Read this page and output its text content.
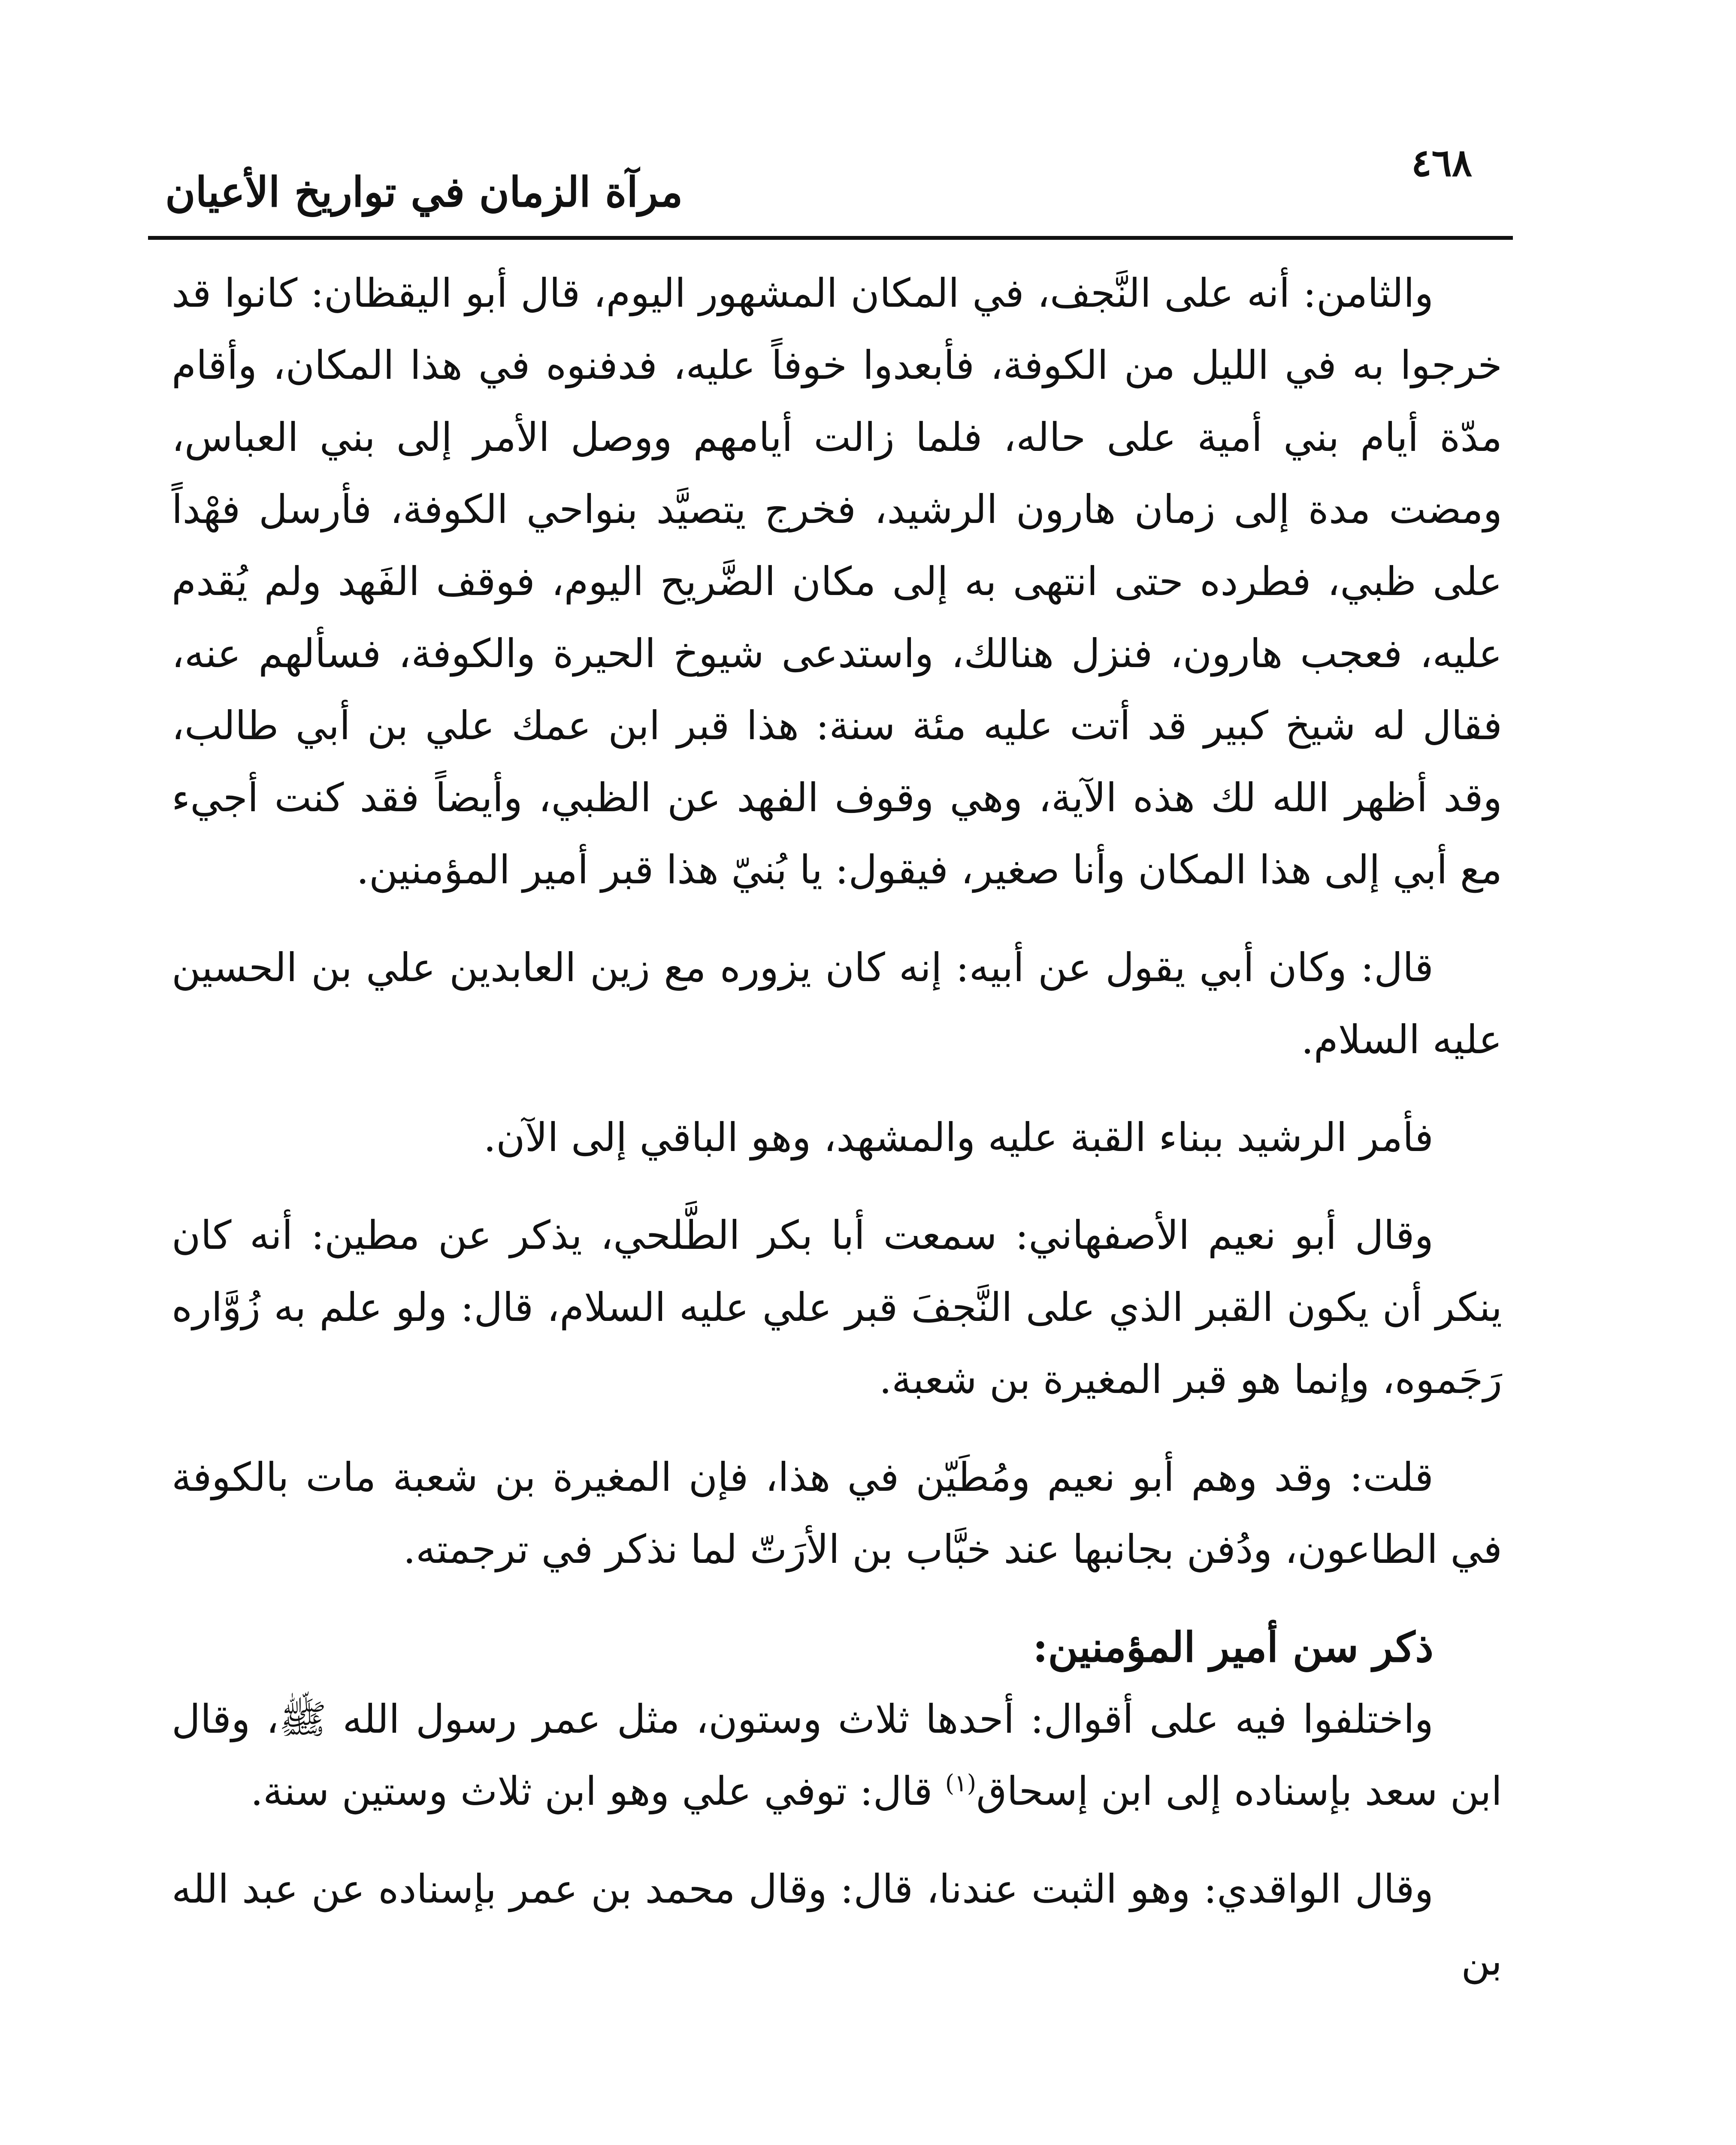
٤٦٨
مرآة الزمان في تواريخ الأعيان

والثامن: أنه على النَّجف، في المكان المشهور اليوم، قال أبو اليقظان: كانوا قد خرجوا به في الليل من الكوفة، فأبعدوا خوفاً عليه، فدفنوه في هذا المكان، وأقام مدّة أيام بني أمية على حاله، فلما زالت أيامهم ووصل الأمر إلى بني العباس، ومضت مدة إلى زمان هارون الرشيد، فخرج يتصيَّد بنواحي الكوفة، فأرسل فهْداً على ظبي، فطرده حتى انتهى به إلى مكان الضَّريح اليوم، فوقف الفَهد ولم يُقدم عليه، فعجب هارون، فنزل هنالك، واستدعى شيوخ الحيرة والكوفة، فسألهم عنه، فقال له شيخ كبير قد أتت عليه مئة سنة: هذا قبر ابن عمك علي بن أبي طالب، وقد أظهر الله لك هذه الآية، وهي وقوف الفهد عن الظبي، وأيضاً فقد كنت أجيء مع أبي إلى هذا المكان وأنا صغير، فيقول: يا بُنيّ هذا قبر أمير المؤمنين.

قال: وكان أبي يقول عن أبيه: إنه كان يزوره مع زين العابدين علي بن الحسين عليه السلام.

فأمر الرشيد ببناء القبة عليه والمشهد، وهو الباقي إلى الآن.

وقال أبو نعيم الأصفهاني: سمعت أبا بكر الطَّلحي، يذكر عن مطين: أنه كان ينكر أن يكون القبر الذي على النَّجفَ قبر علي عليه السلام، قال: ولو علم به زُوَّاره رَجَموه، وإنما هو قبر المغيرة بن شعبة.

قلت: وقد وهم أبو نعيم ومُطَيّن في هذا، فإن المغيرة بن شعبة مات بالكوفة في الطاعون، ودُفن بجانبها عند خبَّاب بن الأرَتّ لما نذكر في ترجمته.

ذكر سن أمير المؤمنين:

واختلفوا فيه على أقوال: أحدها ثلاث وستون، مثل عمر رسول الله ﷺ، وقال ابن سعد بإسناده إلى ابن إسحاق$^{(١)}$ قال: توفي علي وهو ابن ثلاث وستين سنة.

وقال الواقدي: وهو الثبت عندنا، قال: وقال محمد بن عمر بإسناده عن عبد الله بن
